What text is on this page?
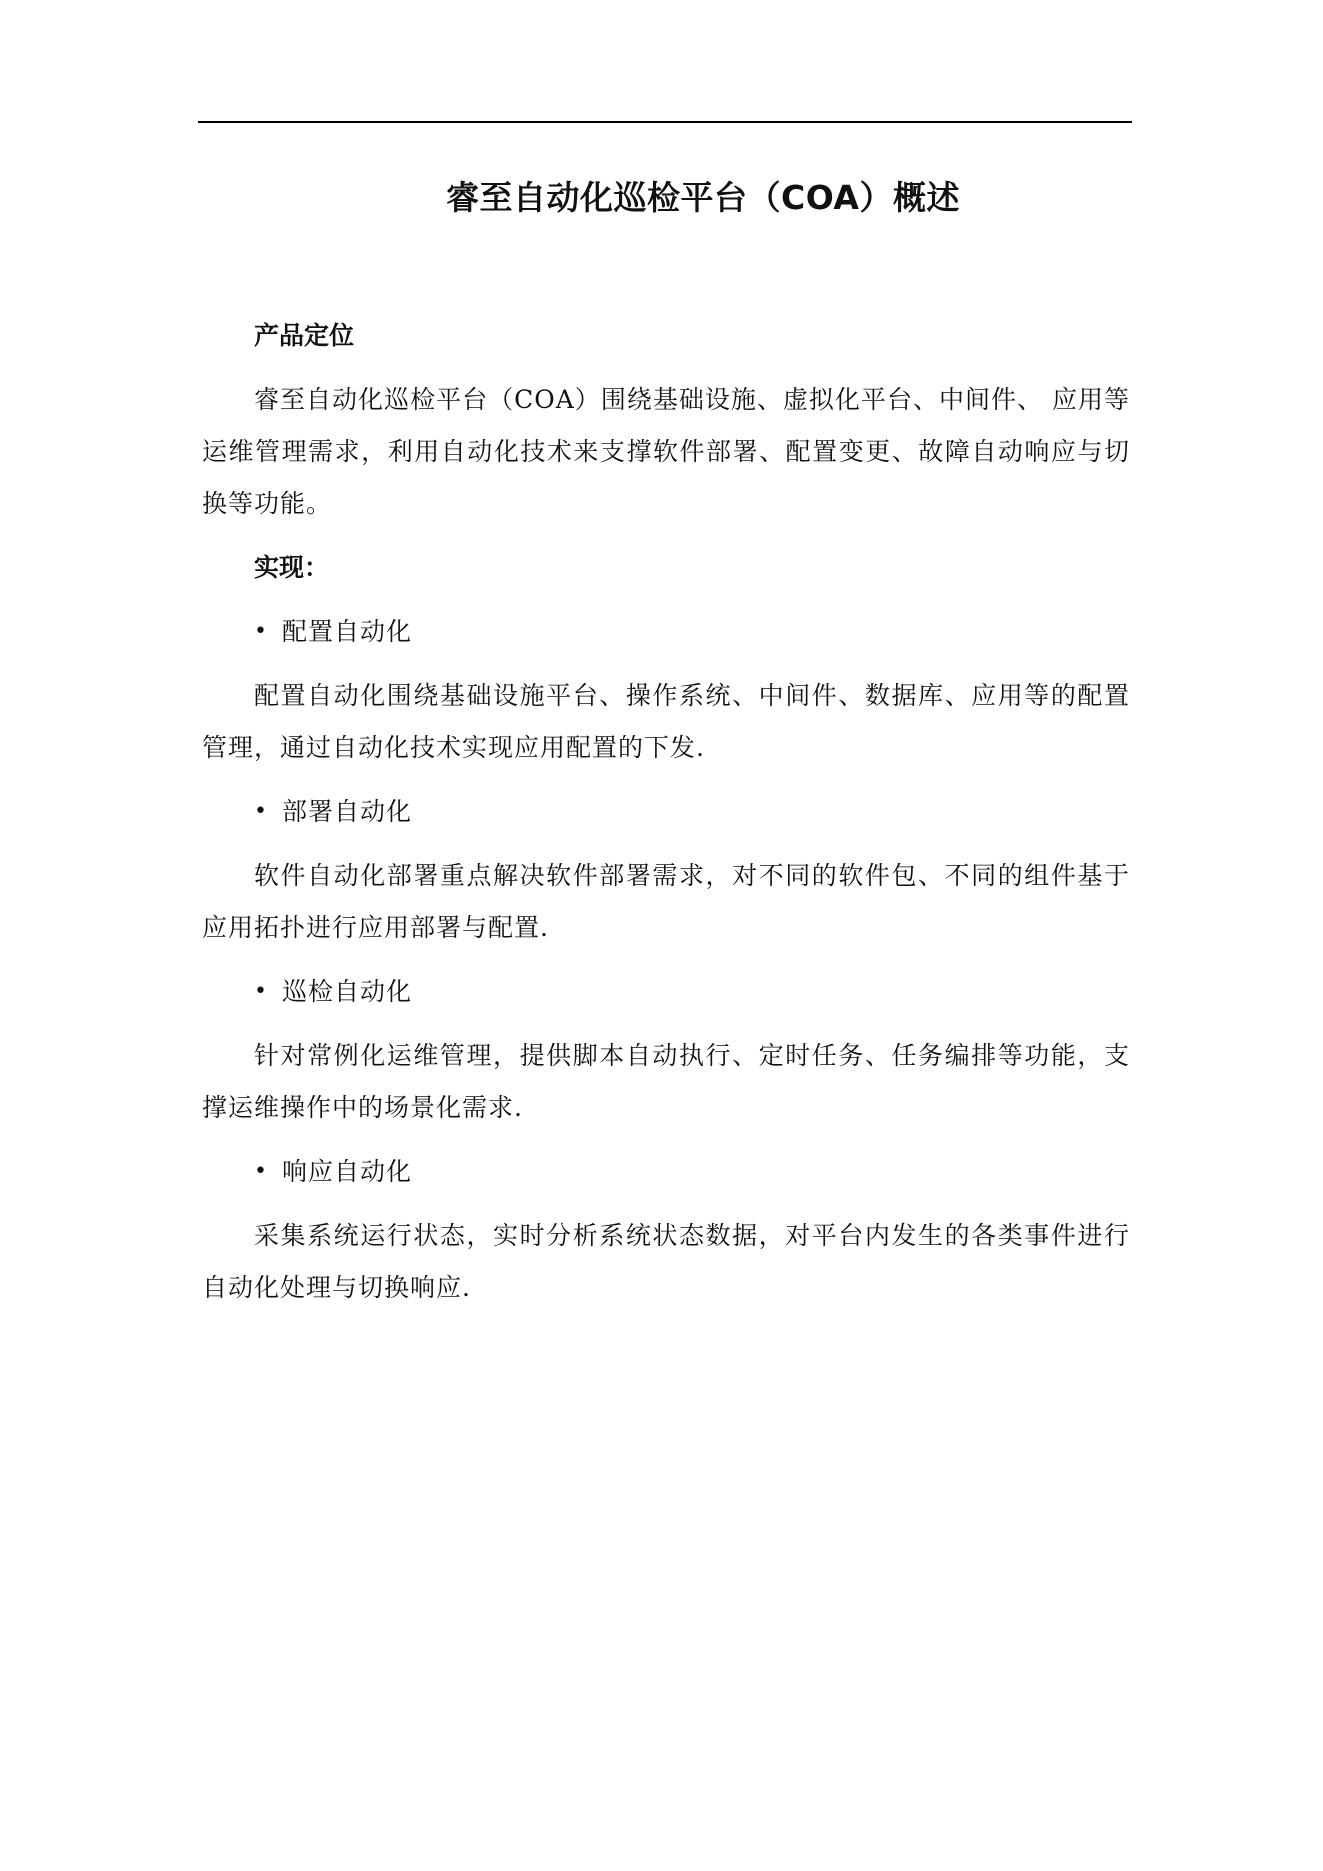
睿至自动化巡检平台（COA）概述
产品定位

睿至自动化巡检平台（COA）围绕基础设施、虚拟化平台、中间件、 应用等运维管理需求，利用自动化技术来支撑软件部署、配置变更、故障自动响应与切换等功能。

实现：
• 配置自动化

配置自动化围绕基础设施平台、操作系统、中间件、数据库、应用等的配置管理，通过自动化技术实现应用配置的下发.

• 部署自动化

软件自动化部署重点解决软件部署需求，对不同的软件包、不同的组件基于应用拓扑进行应用部署与配置.

• 巡检自动化

针对常例化运维管理，提供脚本自动执行、定时任务、任务编排等功能，支撑运维操作中的场景化需求.

• 响应自动化

采集系统运行状态，实时分析系统状态数据，对平台内发生的各类事件进行自动化处理与切换响应.
